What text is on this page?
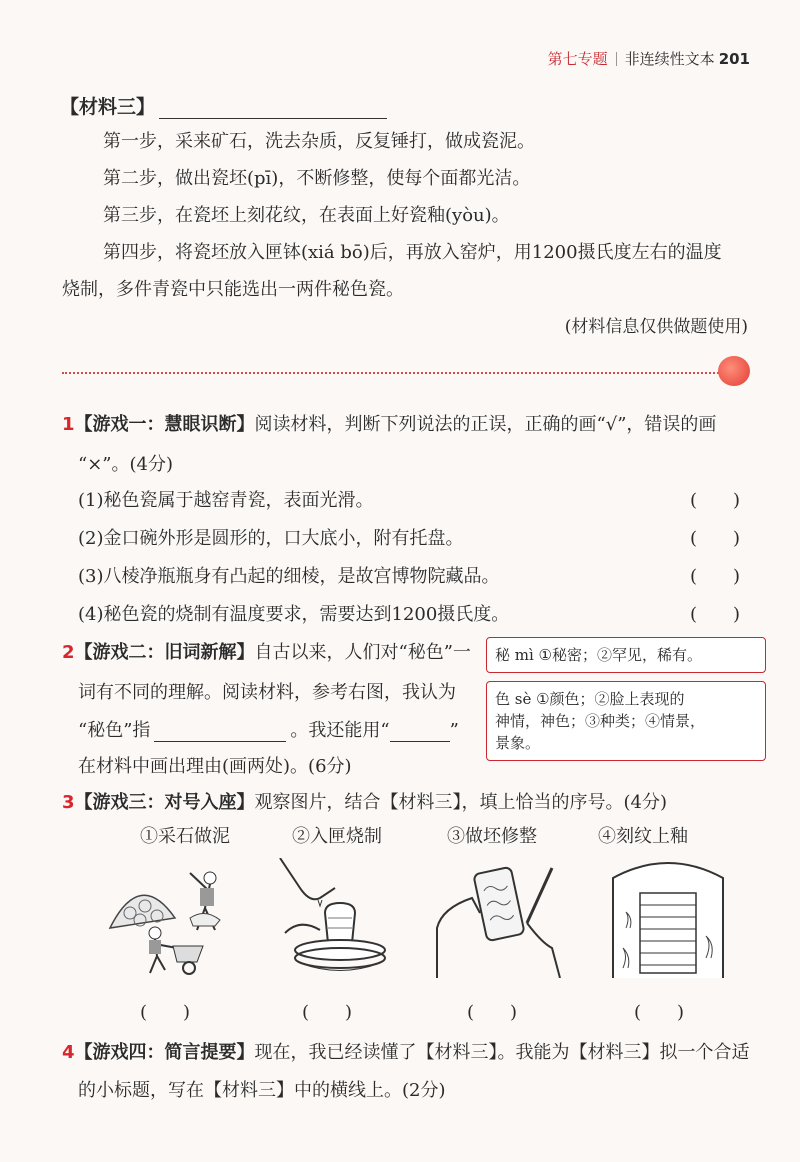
第七专题 非连续性文本 201
【材料三】
第一步，采来矿石，洗去杂质，反复锤打，做成瓷泥。
第二步，做出瓷坯(pī)，不断修整，使每个面都光洁。
第三步，在瓷坯上刻花纹，在表面上好瓷釉(yòu)。
第四步，将瓷坯放入匣钵(xiá bō)后，再放入窑炉，用1200摄氏度左右的温度
烧制，多件青瓷中只能选出一两件秘色瓷。
(材料信息仅供做题使用)
1【游戏一：慧眼识断】阅读材料，判断下列说法的正误，正确的画“√”，错误的画
“×”。(4分)
(1)秘色瓷属于越窑青瓷，表面光滑。	(　　)
(2)金口碗外形是圆形的，口大底小，附有托盘。	(　　)
(3)八棱净瓶瓶身有凸起的细棱，是故宫博物院藏品。	(　　)
(4)秘色瓷的烧制有温度要求，需要达到1200摄氏度。	(　　)
2【游戏二：旧词新解】自古以来，人们对“秘色”一
词有不同的理解。阅读材料，参考右图，我认为
“秘色”指	。我还能用“	”
在材料中画出理由(画两处)。(6分)
秘 mì ①秘密；②罕见，稀有。
色 sè ①颜色；②脸上表现的
神情，神色；③种类；④情景，
景象。
3【游戏三：对号入座】观察图片，结合【材料三】，填上恰当的序号。(4分)
①采石做泥	②入匣烧制	③做坯修整	④刻纹上釉
(　　)	(　　)	(　　)	(　　)
4【游戏四：简言提要】现在，我已经读懂了【材料三】。我能为【材料三】拟一个合适
的小标题，写在【材料三】中的横线上。(2分)
